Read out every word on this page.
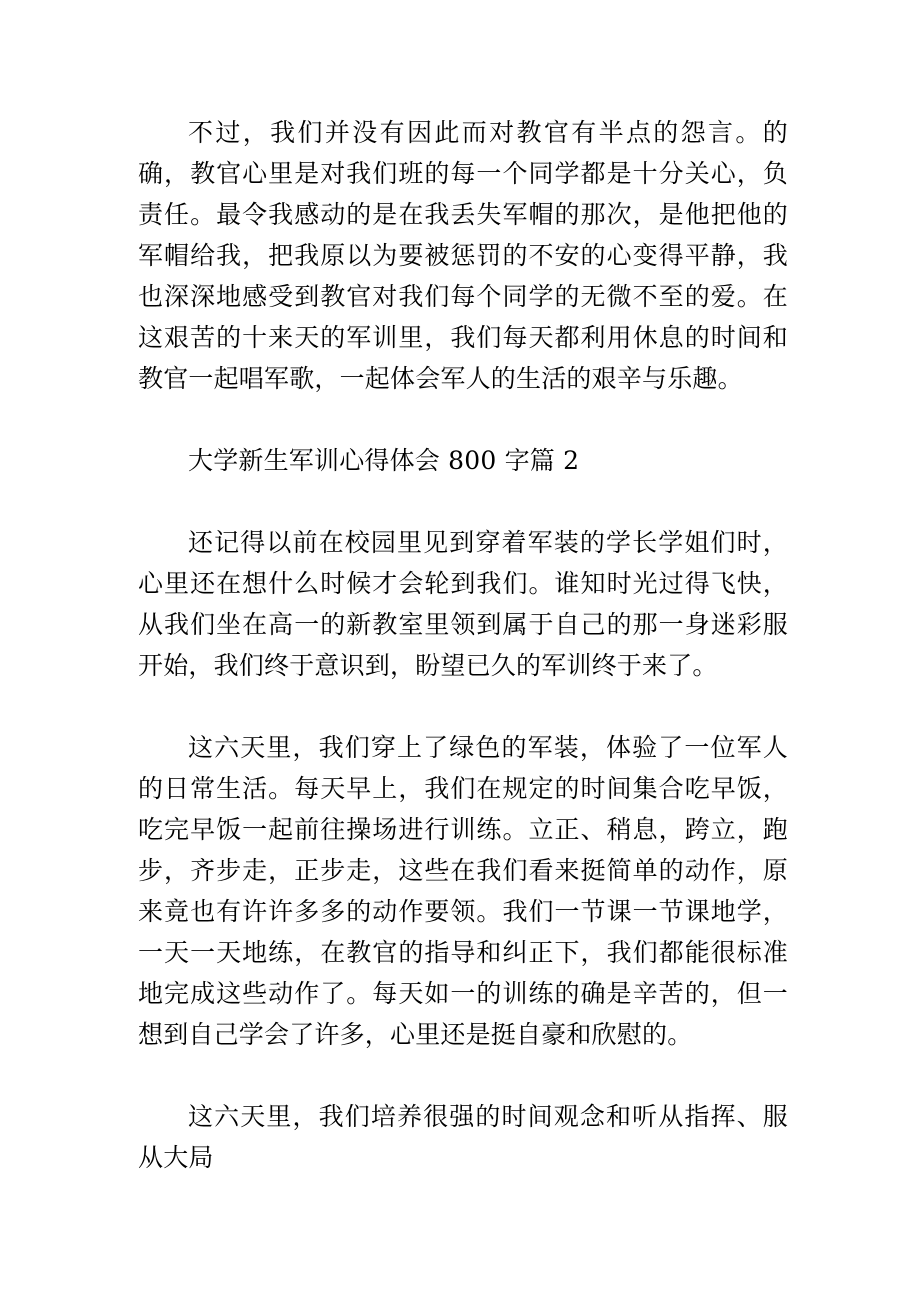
不过，我们并没有因此而对教官有半点的怨言。的确，教官心里是对我们班的每一个同学都是十分关心，负责任。最令我感动的是在我丢失军帽的那次，是他把他的军帽给我，把我原以为要被惩罚的不安的心变得平静，我也深深地感受到教官对我们每个同学的无微不至的爱。在这艰苦的十来天的军训里，我们每天都利用休息的时间和教官一起唱军歌，一起体会军人的生活的艰辛与乐趣。

大学新生军训心得体会 800 字篇 2

还记得以前在校园里见到穿着军装的学长学姐们时，心里还在想什么时候才会轮到我们。谁知时光过得飞快，从我们坐在高一的新教室里领到属于自己的那一身迷彩服开始，我们终于意识到，盼望已久的军训终于来了。

这六天里，我们穿上了绿色的军装，体验了一位军人的日常生活。每天早上，我们在规定的时间集合吃早饭，吃完早饭一起前往操场进行训练。立正、稍息，跨立，跑步，齐步走，正步走，这些在我们看来挺简单的动作，原来竟也有许许多多的动作要领。我们一节课一节课地学，一天一天地练，在教官的指导和纠正下，我们都能很标准地完成这些动作了。每天如一的训练的确是辛苦的，但一想到自己学会了许多，心里还是挺自豪和欣慰的。

这六天里，我们培养很强的时间观念和听从指挥、服从大局
